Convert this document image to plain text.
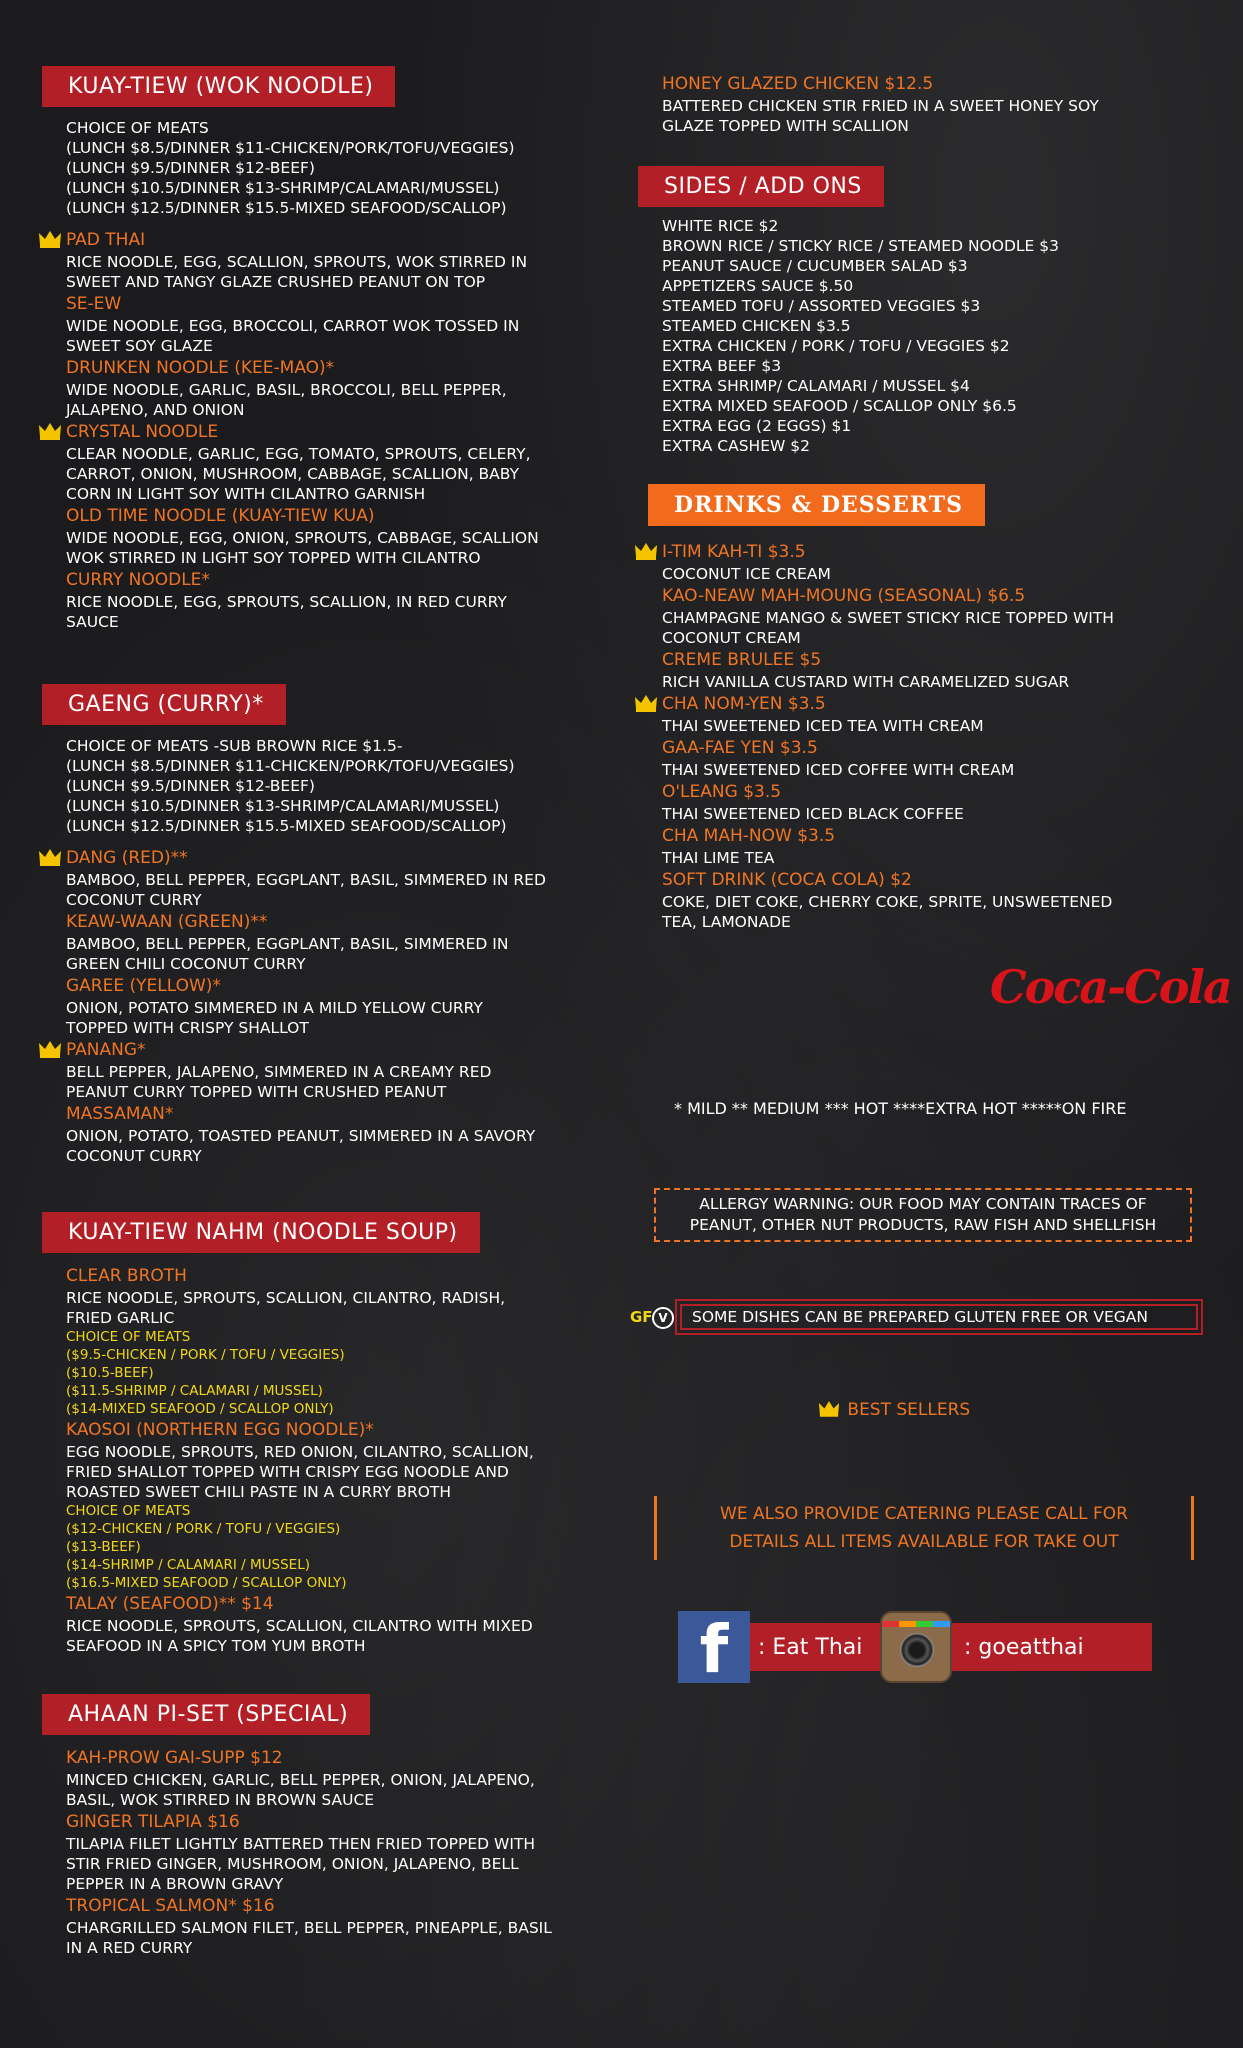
KUAY-TIEW (WOK NOODLE)
CHOICE OF MEATS
(LUNCH $8.5/DINNER $11-CHICKEN/PORK/TOFU/VEGGIES)
(LUNCH $9.5/DINNER $12-BEEF)
(LUNCH $10.5/DINNER $13-SHRIMP/CALAMARI/MUSSEL)
(LUNCH $12.5/DINNER $15.5-MIXED SEAFOOD/SCALLOP)
PAD THAI
RICE NOODLE, EGG, SCALLION, SPROUTS, WOK STIRRED IN
SWEET AND TANGY GLAZE CRUSHED PEANUT ON TOP
SE-EW
WIDE NOODLE, EGG, BROCCOLI, CARROT WOK TOSSED IN
SWEET SOY GLAZE
DRUNKEN NOODLE (KEE-MAO)*
WIDE NOODLE, GARLIC, BASIL, BROCCOLI, BELL PEPPER,
JALAPENO, AND ONION
CRYSTAL NOODLE
CLEAR NOODLE, GARLIC, EGG, TOMATO, SPROUTS, CELERY,
CARROT, ONION, MUSHROOM, CABBAGE, SCALLION, BABY
CORN IN LIGHT SOY WITH CILANTRO GARNISH
OLD TIME NOODLE (KUAY-TIEW KUA)
WIDE NOODLE, EGG, ONION, SPROUTS, CABBAGE, SCALLION
WOK STIRRED IN LIGHT SOY TOPPED WITH CILANTRO
CURRY NOODLE*
RICE NOODLE, EGG, SPROUTS, SCALLION, IN RED CURRY
SAUCE
GAENG (CURRY)*
CHOICE OF MEATS -SUB BROWN RICE $1.5-
(LUNCH $8.5/DINNER $11-CHICKEN/PORK/TOFU/VEGGIES)
(LUNCH $9.5/DINNER $12-BEEF)
(LUNCH $10.5/DINNER $13-SHRIMP/CALAMARI/MUSSEL)
(LUNCH $12.5/DINNER $15.5-MIXED SEAFOOD/SCALLOP)
DANG (RED)**
BAMBOO, BELL PEPPER, EGGPLANT, BASIL, SIMMERED IN RED
COCONUT CURRY
KEAW-WAAN (GREEN)**
BAMBOO, BELL PEPPER, EGGPLANT, BASIL, SIMMERED IN
GREEN CHILI COCONUT CURRY
GAREE (YELLOW)*
ONION, POTATO SIMMERED IN A MILD YELLOW CURRY
TOPPED WITH CRISPY SHALLOT
PANANG*
BELL PEPPER, JALAPENO, SIMMERED IN A CREAMY RED
PEANUT CURRY TOPPED WITH CRUSHED PEANUT
MASSAMAN*
ONION, POTATO, TOASTED PEANUT, SIMMERED IN A SAVORY
COCONUT CURRY
KUAY-TIEW NAHM (NOODLE SOUP)
CLEAR BROTH
RICE NOODLE, SPROUTS, SCALLION, CILANTRO, RADISH,
FRIED GARLIC
CHOICE OF MEATS
($9.5-CHICKEN / PORK / TOFU / VEGGIES)
($10.5-BEEF)
($11.5-SHRIMP / CALAMARI / MUSSEL)
($14-MIXED SEAFOOD / SCALLOP ONLY)
KAOSOI (NORTHERN EGG NOODLE)*
EGG NOODLE, SPROUTS, RED ONION, CILANTRO, SCALLION,
FRIED SHALLOT TOPPED WITH CRISPY EGG NOODLE AND
ROASTED SWEET CHILI PASTE IN A CURRY BROTH
CHOICE OF MEATS
($12-CHICKEN / PORK / TOFU / VEGGIES)
($13-BEEF)
($14-SHRIMP / CALAMARI / MUSSEL)
($16.5-MIXED SEAFOOD / SCALLOP ONLY)
TALAY (SEAFOOD)** $14
RICE NOODLE, SPROUTS, SCALLION, CILANTRO WITH MIXED
SEAFOOD IN A SPICY TOM YUM BROTH
AHAAN PI-SET (SPECIAL)
KAH-PROW GAI-SUPP $12
MINCED CHICKEN, GARLIC, BELL PEPPER, ONION, JALAPENO,
BASIL, WOK STIRRED IN BROWN SAUCE
GINGER TILAPIA $16
TILAPIA FILET LIGHTLY BATTERED THEN FRIED TOPPED WITH
STIR FRIED GINGER, MUSHROOM, ONION, JALAPENO, BELL
PEPPER IN A BROWN GRAVY
TROPICAL SALMON* $16
CHARGRILLED SALMON FILET, BELL PEPPER, PINEAPPLE, BASIL
IN A RED CURRY
HONEY GLAZED CHICKEN $12.5
BATTERED CHICKEN STIR FRIED IN A SWEET HONEY SOY
GLAZE TOPPED WITH SCALLION
SIDES / ADD ONS
WHITE RICE $2
BROWN RICE / STICKY RICE / STEAMED NOODLE $3
PEANUT SAUCE / CUCUMBER SALAD $3
APPETIZERS SAUCE $.50
STEAMED TOFU / ASSORTED VEGGIES $3
STEAMED CHICKEN $3.5
EXTRA CHICKEN / PORK / TOFU / VEGGIES $2
EXTRA BEEF $3
EXTRA SHRIMP/ CALAMARI / MUSSEL $4
EXTRA MIXED SEAFOOD / SCALLOP ONLY $6.5
EXTRA EGG (2 EGGS) $1
EXTRA CASHEW $2
DRINKS & DESSERTS
I-TIM KAH-TI $3.5
COCONUT ICE CREAM
KAO-NEAW MAH-MOUNG (SEASONAL) $6.5
CHAMPAGNE MANGO & SWEET STICKY RICE TOPPED WITH
COCONUT CREAM
CREME BRULEE $5
RICH VANILLA CUSTARD WITH CARAMELIZED SUGAR
CHA NOM-YEN $3.5
THAI SWEETENED ICED TEA WITH CREAM
GAA-FAE YEN $3.5
THAI SWEETENED ICED COFFEE WITH CREAM
O'LEANG $3.5
THAI SWEETENED ICED BLACK COFFEE
CHA MAH-NOW $3.5
THAI LIME TEA
SOFT DRINK (COCA COLA) $2
COKE, DIET COKE, CHERRY COKE, SPRITE, UNSWEETENED
TEA, LAMONADE
Coca-Cola
* MILD ** MEDIUM *** HOT ****EXTRA HOT *****ON FIRE
ALLERGY WARNING: OUR FOOD MAY CONTAIN TRACES OF
PEANUT, OTHER NUT PRODUCTS, RAW FISH AND SHELLFISH
GF V	SOME DISHES CAN BE PREPARED GLUTEN FREE OR VEGAN
BEST SELLERS
WE ALSO PROVIDE CATERING PLEASE CALL FOR
DETAILS ALL ITEMS AVAILABLE FOR TAKE OUT
f : Eat Thai	: goeatthai
